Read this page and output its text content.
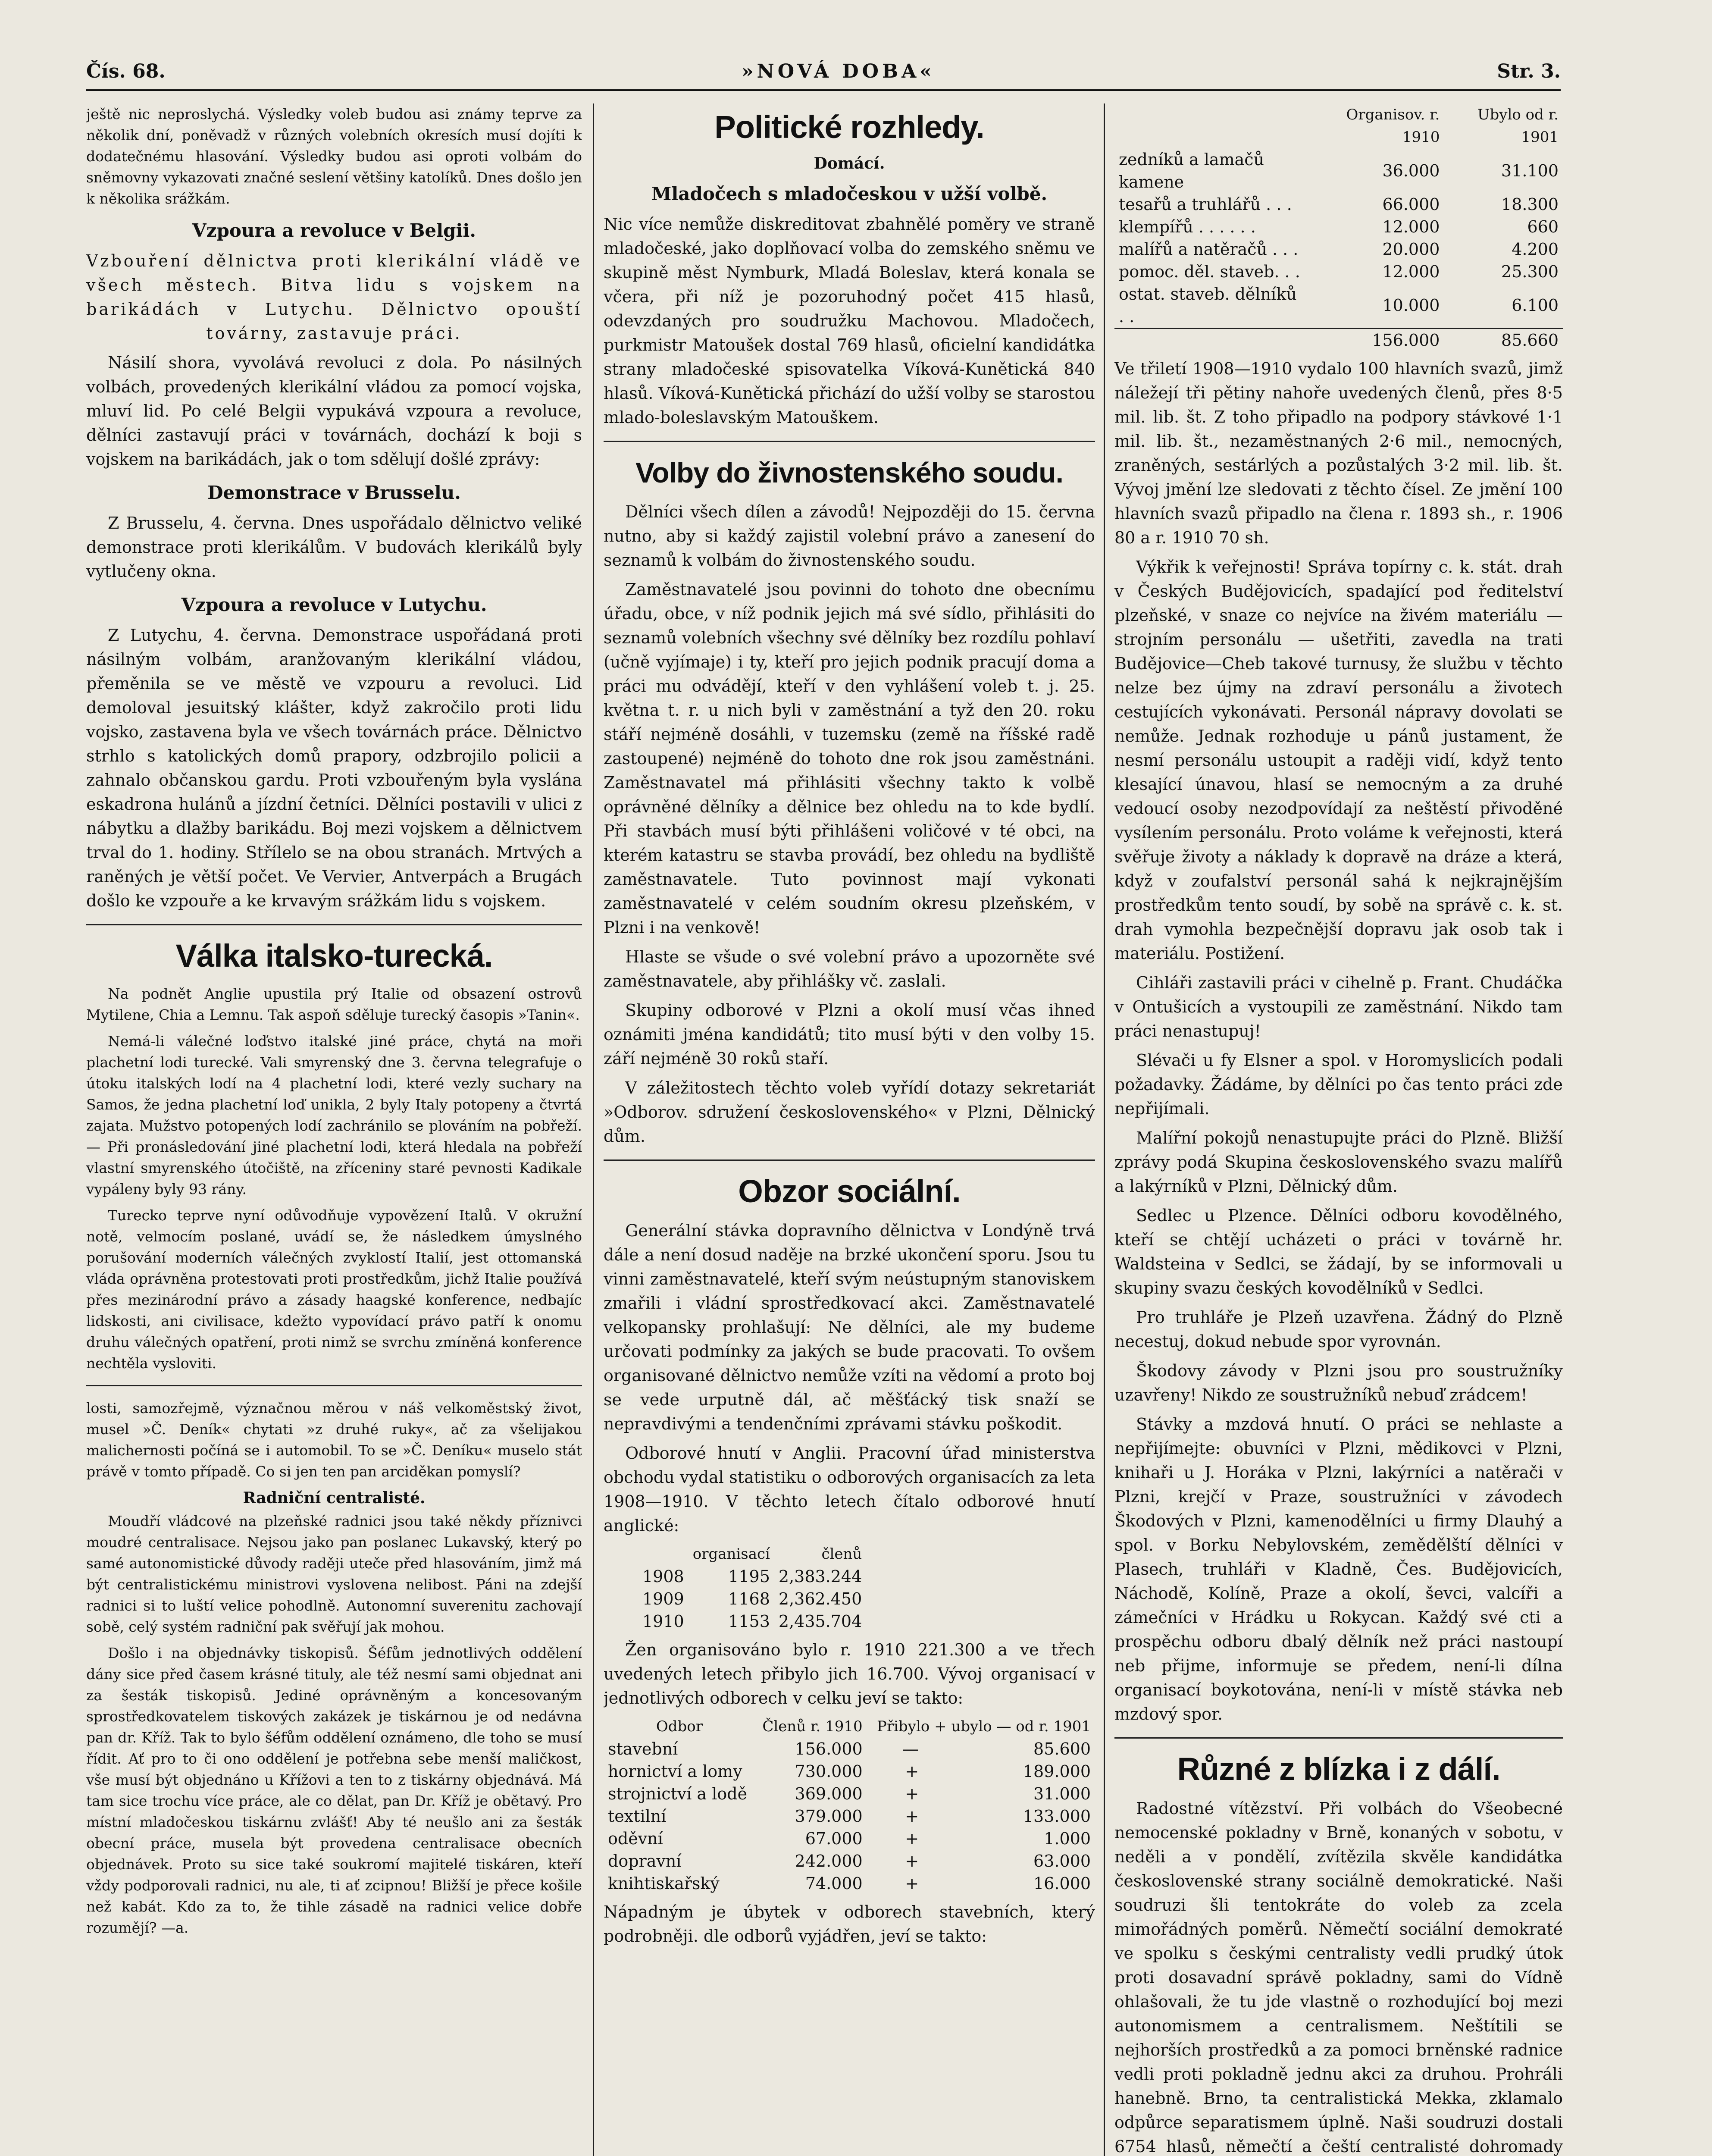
Čís. 68.	»NOVÁ DOBA«	Str. 3.

ještě nic neprosl​ychá. Výsledky voleb budou asi známy teprve za několik dní, poněvadž v různých volebních okresích musí dojíti k dodatečnému hlasování. Výsledky budou asi oproti volbám do sněmovny vykazovati značné seslení většiny katolíků. Dnes došlo jen k několika srážkám.

Vzpoura a revoluce v Belgii.

Vzbouření dělnictva proti klerikální vládě ve všech městech. Bitva lidu s vojskem na barikádách v Lutychu. Dělnictvo opouští továrny, zastavuje práci.

Násilí shora, vyvolává revoluci z dola. Po násilných volbách, provedených klerikální vládou za pomocí vojska, mluví lid. Po celé Belgii vypukává vzpoura a revoluce, dělníci zastavují práci v továrnách, dochází k boji s vojskem na barikádách, jak o tom sdělují došlé zprávy:

Demonstrace v Brusselu.

Z Brusselu, 4. června. Dnes uspořádalo dělnictvo veliké demonstrace proti klerikálům. V budovách klerikálů byly vytlučeny okna.

Vzpoura a revoluce v Lutychu.

Z Lutychu, 4. června. Demonstrace uspořádaná proti násilným volbám, aranžovaným klerikální vládou, přeměnila se ve městě ve vzpouru a revoluci. Lid demoloval jesuitský klášter, když zakročilo proti lidu vojsko, zastavena byla ve všech továrnách práce. Dělnictvo strhlo s katolických domů prapory, odzbrojilo policii a zahnalo občanskou gardu. Proti vzbouřeným byla vyslána eskadrona hulánů a jízdní četníci. Dělníci postavili v ulici z nábytku a dlažby barikádu. Boj mezi vojskem a dělnictvem trval do 1. hodiny. Střílelo se na obou stranách. Mrtvých a raněných je větší počet. Ve Vervier, Antverpách a Brugách došlo ke vzpouře a ke krvavým srážkám lidu s vojskem.

Válka italsko-turecká.

Na podnět Anglie upustila prý Italie od obsazení ostrovů Mytilene, Chia a Lemnu. Tak aspoň sděluje turecký časopis »Tanin«.

Nemá-li válečné loďstvo italské jiné práce, chytá na moři plachetní lodi turecké. Vali smyrenský dne 3. června telegrafuje o útoku italských lodí na 4 plachetní lodi, které vezly suchary na Samos, že jedna plachetní loď unikla, 2 byly Italy potopeny a čtvrtá zajata. Mužstvo potopených lodí zachránilo se plováním na pobřeží. — Při pronásledování jiné plachetní lodi, která hledala na pobřeží vlastní smyrenského útočiště, na zříceniny staré pevnosti Kadikale vypáleny byly 93 rány.

Turecko teprve nyní odůvodňuje vypovězení Italů. V okružní notě, velmocím poslané, uvádí se, že následkem úmyslného porušování moderních válečných zvyklostí Italií, jest ottomanská vláda oprávněna protestovati proti prostředkům, jichž Italie používá přes mezinárodní právo a zásady haagské konference, nedbajíc lidskosti, ani civilisace, kdežto vypovídací právo patří k onomu druhu válečných opatření, proti nimž se svrchu zmíněná konference nechtěla vysloviti.

losti, samozřejmě, význačnou měrou v náš velkoměstský život, musel »Č. Deník« chytati »z druhé ruky«, ač za všelijakou malichernosti počíná se i automobil. To se »Č. Deníku« muselo stát právě v tomto případě. Co si jen ten pan arciděkan pomyslí?

Radniční centralisté.

Moudří vládcové na plzeňské radnici jsou také někdy příznivci moudré centralisace. Nejsou jako pan poslanec Lukavský, který po samé autonomistické důvody raději uteče před hlasováním, jimž má být centralistickému ministrovi vyslovena nelibost. Páni na zdejší radnici si to luští velice pohodlně. Autonomní suverenitu zachovají sobě, celý systém radniční pak svěřují jak mohou.

Došlo i na objednávky tiskopisů. Šéfům jednotlivých oddělení dány sice před časem krásné tituly, ale též nesmí sami objednat ani za šesták tiskopisů. Jediné oprávněným a koncesovaným sprostředkovatelem tiskových zakázek je tiskárnou je od nedávna pan dr. Kříž. Tak to bylo šéfům oddělení oznámeno, dle toho se musí řídit. Ať pro to či ono oddělení je potřebna sebe menší maličkost, vše musí být objednáno u Křížovi a ten to z tiskárny objednává. Má tam sice trochu více práce, ale co dělat, pan Dr. Kříž je obětavý. Pro místní mladočeskou tiskárnu zvlášť! Aby té neušlo ani za šesták obecní práce, musela být provedena centralisace obecních objednávek. Proto su sice také soukromí majitelé tiskáren, kteří vždy podporovali radnici, nu ale, ti ať zcipnou! Bližší je přece košile než kabát. Kdo za to, že tihle zásadě na radnici velice dobře rozumějí? —a.

Politické rozhledy.
Domácí.
Mladočech s mladočeskou v užší volbě.

Nic více nemůže diskreditovat zbahnělé poměry ve straně mladočeské, jako doplňovací volba do zemského sněmu ve skupině měst Nymburk, Mladá Boleslav, která konala se včera, při níž je pozoruhodný počet 415 hlasů, odevzdaných pro soudružku Machovou. Mladočech, purkmistr Matoušek dostal 769 hlasů, oficielní kandidátka strany mladočeské spisovatelka Víková-Kunětická 840 hlasů. Víková-Kunětická přichází do užší volby se starostou mlado-boleslavským Matouškem.

Volby do živnostenského soudu.

Dělníci všech dílen a závodů! Nejpozději do 15. června nutno, aby si každý zajistil volební právo a zanesení do seznamů k volbám do živnostenského soudu.

Zaměstnavatelé jsou povinni do tohoto dne obecnímu úřadu, obce, v níž podnik jejich má své sídlo, přihlásiti do seznamů volebních všechny své dělníky bez rozdílu pohlaví (učně vyjímaje) i ty, kteří pro jejich podnik pracují doma a práci mu odvádějí, kteří v den vyhlášení voleb t. j. 25. května t. r. u nich byli v zaměstnání a tyž den 20. roku stáří nejméně dosáhli, v tuzemsku (země na říšské radě zastoupené) nejméně do tohoto dne rok jsou zaměstnáni. Zaměstnavatel má přihlásiti všechny takto k volbě oprávněné dělníky a dělnice bez ohledu na to kde bydlí. Při stavbách musí býti přihlášeni voličové v té obci, na kterém katastru se stavba provádí, bez ohledu na bydliště zaměstnavatele. Tuto povinnost mají vykonati zaměstnavatelé v celém soudním okresu plzeňském, v Plzni i na venkově!

Hlaste se všude o své volební právo a upozorněte své zaměstnavatele, aby přihlášky vč. zaslali.

Skupiny odborové v Plzni a okolí musí včas ihned oznámiti jména kandidátů; tito musí býti v den volby 15. září nejméně 30 roků staří.

V záležitostech těchto voleb vyřídí dotazy sekretariát »Odborov. sdružení československého« v Plzni, Dělnický dům.

Obzor sociální.

Generální stávka dopravního dělnictva v Londýně trvá dále a není dosud naděje na brzké ukončení sporu. Jsou tu vinni zaměstnavatelé, kteří svým neústupným stanoviskem zmařili i vládní sprostředkovací akci. Zaměstnavatelé velkopansky prohlašují: Ne dělníci, ale my budeme určovati podmínky za jakých se bude pracovati. To ovšem organisované dělnictvo nemůže vzíti na vědomí a proto boj se vede urputně dál, ač měšťácký tisk snaží se nepravdivými a tendenčními zprávami stávku poškodit.

Odborové hnutí v Anglii. Pracovní úřad ministerstva obchodu vydal statistiku o odborových organisacích za leta 1908—1910. V těchto letech čítalo odborové hnutí anglické:

	organisací	členů
1908	1195	2,383.244
1909	1168	2,362.450
1910	1153	2,435.704

Žen organisováno bylo r. 1910 221.300 a ve třech uvedených letech přibylo jich 16.700. Vývoj organisací v jednotlivých odborech v celku jeví se takto:

Odbor	Členů r. 1910	Přibylo + ubylo — od r. 1901	
stavební	156.000	—	85.600
hornictví a lomy	730.000	+	189.000
strojnictví a lodě	369.000	+	31.000
textilní	379.000	+	133.000
oděvní	67.000	+	1.000
dopravní	242.000	+	63.000
knihtiskařský	74.000	+	16.000

Nápadným je úbytek v odborech stavebních, který podrobněji. dle odborů vyjádřen, jeví se takto:

	Organisov. r. 1910	Ubylo od r. 1901
zedníků a lamačů kamene	36.000	31.100
tesařů a truhlářů . . .	66.000	18.300
klempířů . . . . . .	12.000	660
malířů a natěračů . . .	20.000	4.200
pomoc. děl. staveb. . .	12.000	25.300
ostat. staveb. dělníků . .	10.000	6.100
	156.000	85.660

Ve třiletí 1908—1910 vydalo 100 hlavních svazů, jimž náležejí tři pětiny nahoře uvedených členů, přes 8·5 mil. lib. št. Z toho připadlo na podpory stávkové 1·1 mil. lib. št., nezaměstnaných 2·6 mil., nemocných, zraněných, sestárlých a pozůstalých 3·2 mil. lib. št. Vývoj jmění lze sledovati z těchto čísel. Ze jmění 100 hlavních svazů připadlo na člena r. 1893 sh., r. 1906 80 a r. 1910 70 sh.

Výkřik k veřejnosti! Správa topírny c. k. stát. drah v Českých Budějovicích, spadající pod ředitelství plzeňské, v snaze co nejvíce na živém materiálu — strojním personálu — ušetřiti, zavedla na trati Budějovice—Cheb takové turnusy, že službu v těchto nelze bez újmy na zdraví personálu a životech cestujících vykonávati. Personál nápravy dovolati se nemůže. Jednak rozhoduje u pánů justament, že nesmí personálu ustoupit a raději vidí, když tento klesající únavou, hlasí se nemocným a za druhé vedoucí osoby nezodpovídají za neštěstí přivoděné vysílením personálu. Proto voláme k veřejnosti, která svěřuje životy a náklady k dopravě na dráze a která, když v zoufalství personál sahá k nejkrajnějším prostředkům tento soudí, by sobě na správě c. k. st. drah vymohla bezpečnější dopravu jak osob tak i materiálu. Postižení.

Cihláři zastavili práci v cihelně p. Frant. Chudáčka v Ontušicích a vystoupili ze zaměstnání. Nikdo tam práci nenastupuj!

Slévači u fy Elsner a spol. v Horomyslicích podali požadavky. Žádáme, by dělníci po čas tento práci zde nepřijímali.

Malířní pokojů nenastupujte práci do Plzně. Bližší zprávy podá Skupina československého svazu malířů a lakýrníků v Plzni, Dělnický dům.

Sedlec u Plzence. Dělníci odboru kovodělného, kteří se chtějí ucházeti o práci v továrně hr. Waldsteina v Sedlci, se žádají, by se informovali u skupiny svazu českých kovodělníků v Sedlci.

Pro truhláře je Plzeň uzavřena. Žádný do Plzně necestuj, dokud nebude spor vyrovnán.

Škodovy závody v Plzni jsou pro soustružníky uzavřeny! Nikdo ze soustružníků nebuď zrádcem!

Stávky a mzdová hnutí. O práci se nehlaste a nepřijímejte: obuvníci v Plzni, mědikovci v Plzni, knihaři u J. Horáka v Plzni, lakýrníci a natěrači v Plzni, krejčí v Praze, soustružníci v závodech Škodových v Plzni, kameno​dělníci u firmy Dlauhý a spol. v Borku Nebylovském, zemědělští dělníci v Plasech, truhláři v Kladně, Čes. Budějovicích, Náchodě, Kolíně, Praze a okolí, ševci, valcíři a zámečníci v Hrádku u Rokycan. Každý své cti a prospěchu odboru dbalý dělník než práci nastoupí neb přijme, informuje se předem, není-li dílna organisací boykotována, není-li v místě stávka neb mzdový spor.

Různé z blízka i z dálí.

Radostné vítězství. Při volbách do Všeobecné nemocenské pokladny v Brně, konaných v sobotu, v neděli a v pondělí, zvítězila skvěle kandidátka československé strany sociálně demokratické. Naši soudruzi šli tentokráte do voleb za zcela mimořádných poměrů. Němečtí sociální demokraté ve spolku s českými centralisty vedli prudký útok proti dosavadní správě pokladny, sami do Vídně ohlašovali, že tu jde vlastně o rozhodující boj mezi autonomismem a centralismem. Neštítili se nejhorších prostředků a za pomoci brněnské radnice vedli proti pokladně jednu akci za druhou. Prohráli hanebně. Brno, ta centralistická Mekka, zklamalo odpůrce separatismem úplně. Naši soudruzi dostali 6754 hlasů, němečtí a čeští centralisté dohromady
